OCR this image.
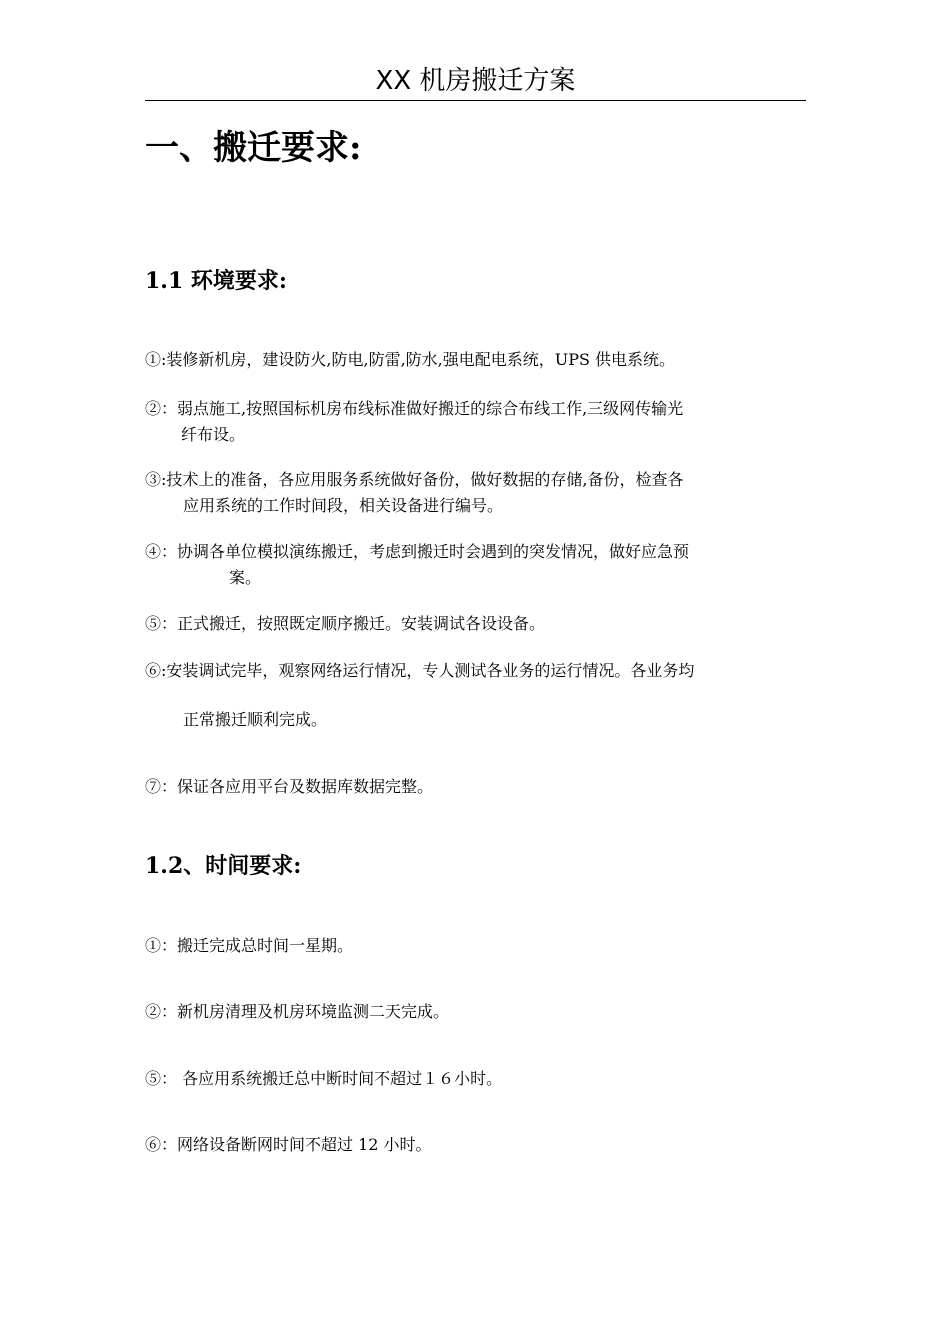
XX 机房搬迁方案
一、搬迁要求:
1.1 环境要求:
①:装修新机房，建设防火,防电,防雷,防水,强电配电系统，UPS 供电系统。
②：弱点施工,按照国标机房布线标准做好搬迁的综合布线工作,三级网传输光
纤布设。
③:技术上的准备，各应用服务系统做好备份，做好数据的存储,备份，检查各
应用系统的工作时间段，相关设备进行编号。
④：协调各单位模拟演练搬迁，考虑到搬迁时会遇到的突发情况，做好应急预
案。
⑤：正式搬迁，按照既定顺序搬迁。安装调试各设设备。
⑥:安装调试完毕，观察网络运行情况，专人测试各业务的运行情况。各业务均
正常搬迁顺利完成。
⑦：保证各应用平台及数据库数据完整。
1.2、时间要求:
①：搬迁完成总时间一星期。
②：新机房清理及机房环境监测二天完成。
⑤： 各应用系统搬迁总中断时间不超过１６小时。
⑥：网络设备断网时间不超过 12 小时。
